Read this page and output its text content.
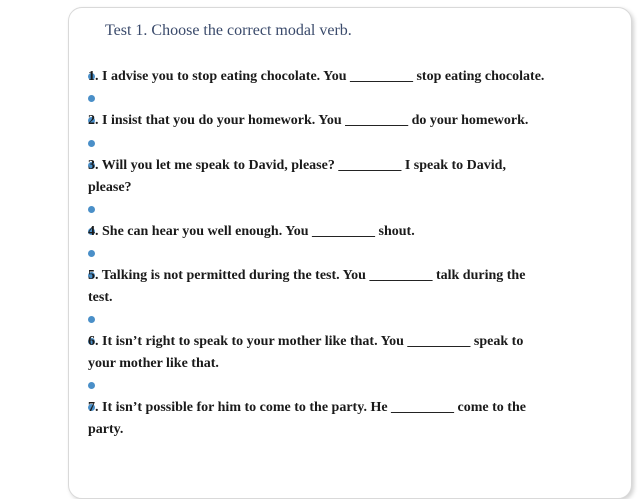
Test 1. Choose the correct modal verb.
1. I advise you to stop eating chocolate. You _________ stop eating chocolate.
2. I insist that you do your homework. You _________ do your homework.
3. Will you let me speak to David, please? _________ I speak to David,
please?
4. She can hear you well enough. You _________ shout.
5. Talking is not permitted during the test. You _________ talk during the
test.
6. It isn’t right to speak to your mother like that. You _________ speak to
your mother like that.
7. It isn’t possible for him to come to the party. He _________ come to the
party.
